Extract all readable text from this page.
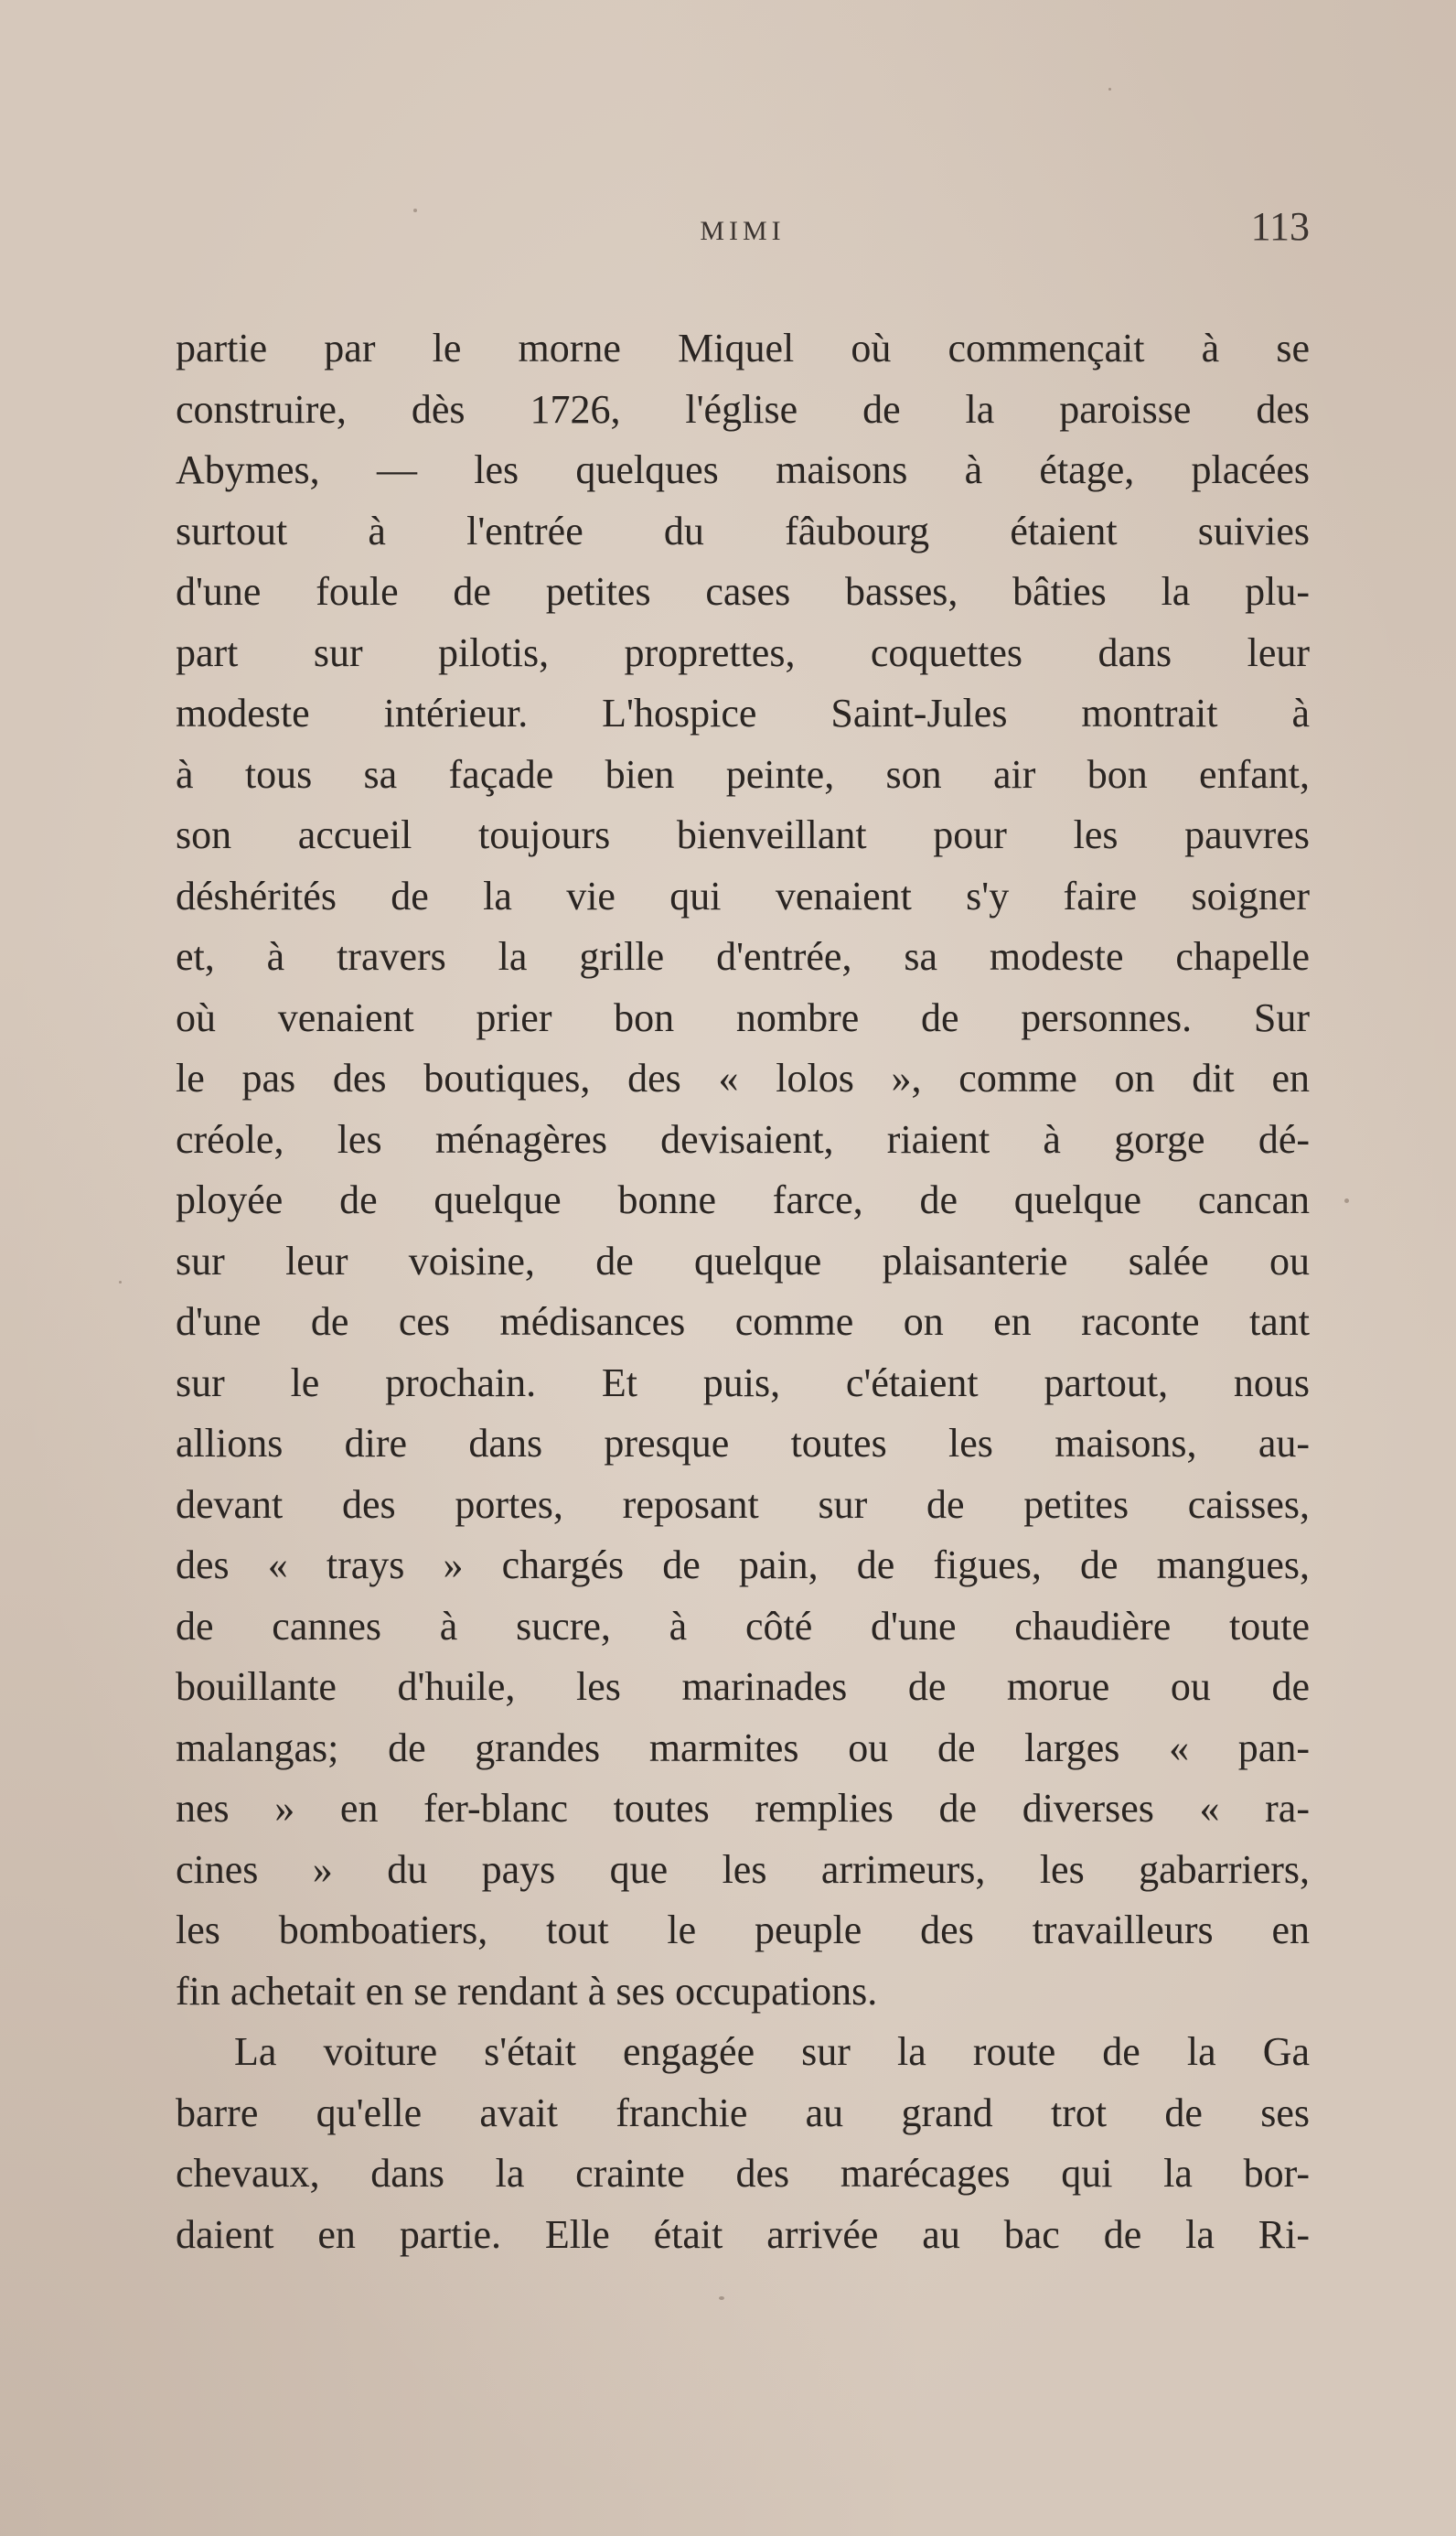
MIMI	113
partie par le morne Miquel où commençait à se
construire, dès 1726, l'église de la paroisse des
Abymes, — les quelques maisons à étage, placées
surtout à l'entrée du fâubourg étaient suivies
d'une foule de petites cases basses, bâties la plu-
part sur pilotis, proprettes, coquettes dans leur
modeste intérieur. L'hospice Saint-Jules montrait à
à tous sa façade bien peinte, son air bon enfant,
son accueil toujours bienveillant pour les pauvres
déshérités de la vie qui venaient s'y faire soigner
et, à travers la grille d'entrée, sa modeste chapelle
où venaient prier bon nombre de personnes. Sur
le pas des boutiques, des « lolos », comme on dit en
créole, les ménagères devisaient, riaient à gorge dé-
ployée de quelque bonne farce, de quelque cancan
sur leur voisine, de quelque plaisanterie salée ou
d'une de ces médisances comme on en raconte tant
sur le prochain. Et puis, c'étaient partout, nous
allions dire dans presque toutes les maisons, au-
devant des portes, reposant sur de petites caisses,
des « trays » chargés de pain, de figues, de mangues,
de cannes à sucre, à côté d'une chaudière toute
bouillante d'huile, les marinades de morue ou de
malangas; de grandes marmites ou de larges « pan-
nes » en fer-blanc toutes remplies de diverses « ra-
cines » du pays que les arrimeurs, les gabarriers,
les bomboatiers, tout le peuple des travailleurs en
fin achetait en se rendant à ses occupations.
La voiture s'était engagée sur la route de la Ga
barre qu'elle avait franchie au grand trot de ses
chevaux, dans la crainte des marécages qui la bor-
daient en partie. Elle était arrivée au bac de la Ri-
